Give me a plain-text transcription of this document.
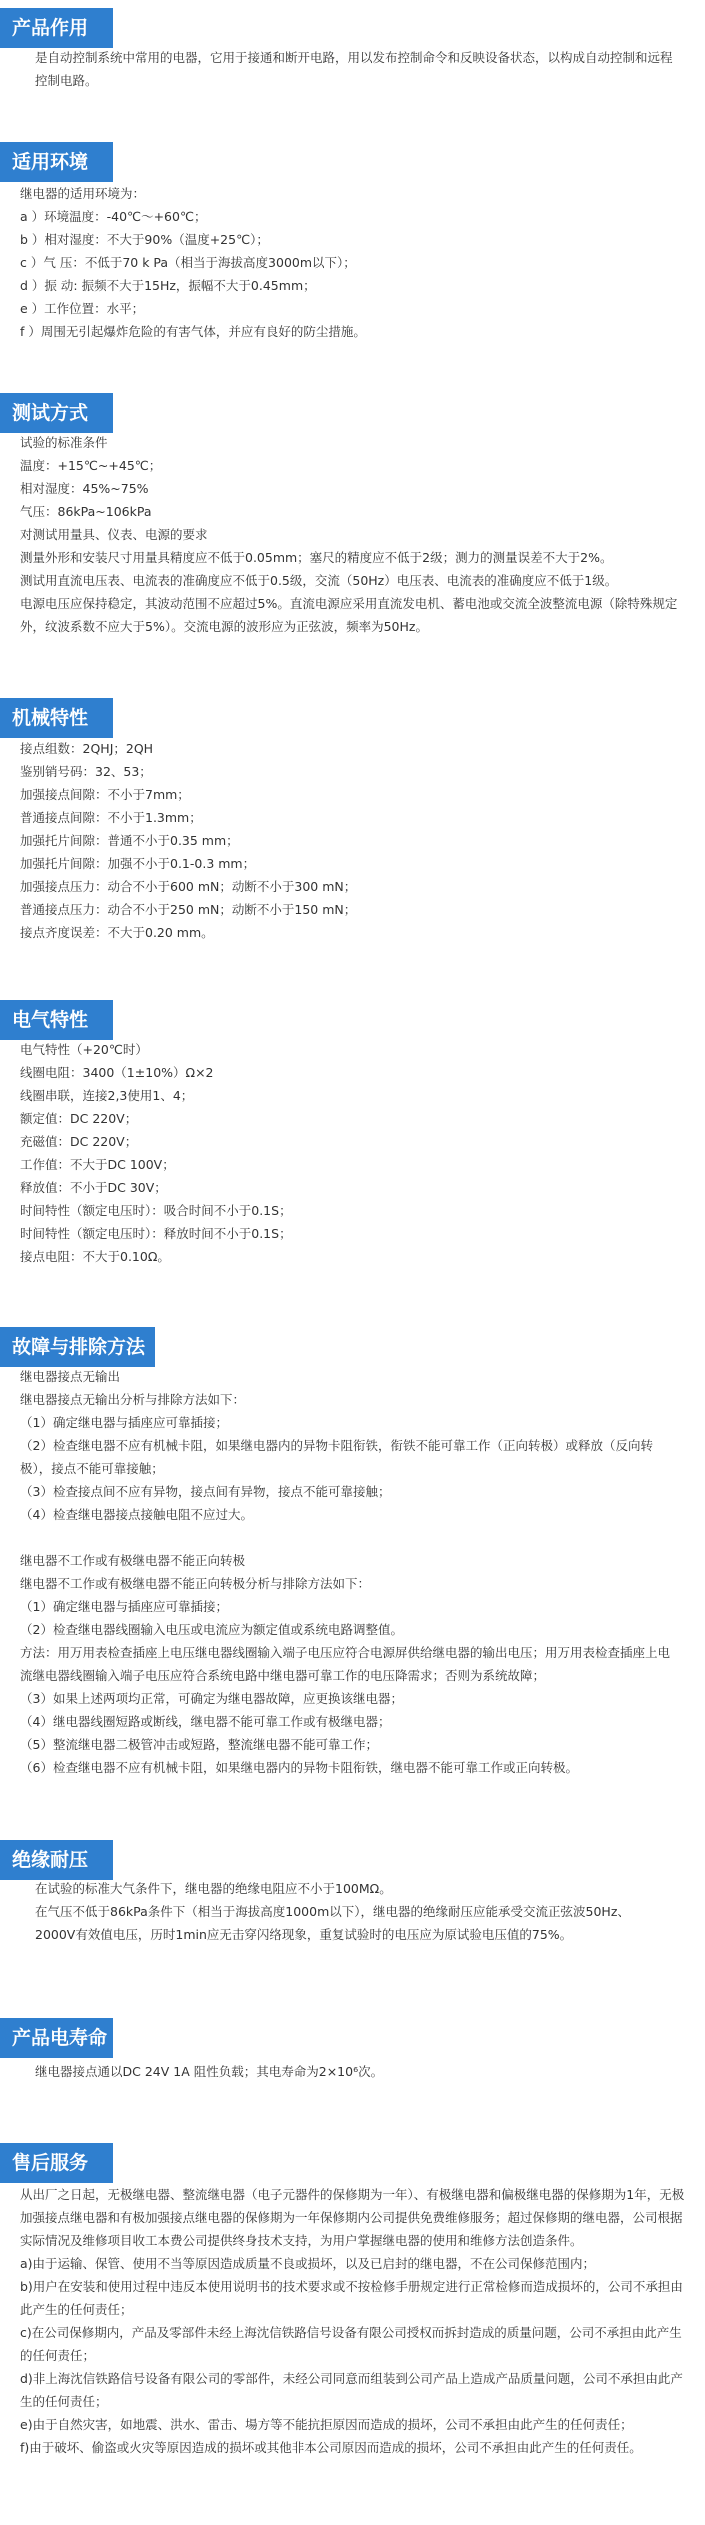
产品作用
是自动控制系统中常用的电器，它用于接通和断开电路，用以发布控制命令和反映设备状态，以构成自动控制和远程控制电路。
适用环境
继电器的适用环境为：
a ）环境温度：-40℃～+60℃；
b ）相对湿度：不大于90%（温度+25℃）；
c ）气 压：不低于70 k Pa（相当于海拔高度3000m以下）；
d ）振 动: 振频不大于15Hz，振幅不大于0.45mm；
e ）工作位置：水平；
f ）周围无引起爆炸危险的有害气体，并应有良好的防尘措施。
测试方式
试验的标准条件
温度：+15℃~+45℃；
相对湿度：45%~75%
气压：86kPa~106kPa
对测试用量具、仪表、电源的要求
测量外形和安装尺寸用量具精度应不低于0.05mm；塞尺的精度应不低于2级；测力的测量误差不大于2%。
测试用直流电压表、电流表的准确度应不低于0.5级，交流（50Hz）电压表、电流表的准确度应不低于1级。
电源电压应保持稳定，其波动范围不应超过5%。直流电源应采用直流发电机、蓄电池或交流全波整流电源（除特殊规定外，纹波系数不应大于5%）。交流电源的波形应为正弦波，频率为50Hz。
机械特性
接点组数：2QHJ；2QH
鉴别销号码：32、53；
加强接点间隙：不小于7mm；
普通接点间隙：不小于1.3mm；
加强托片间隙：普通不小于0.35 mm；
加强托片间隙：加强不小于0.1-0.3 mm；
加强接点压力：动合不小于600 mN；动断不小于300 mN；
普通接点压力：动合不小于250 mN；动断不小于150 mN；
接点齐度误差：不大于0.20 mm。
电气特性
电气特性（+20℃时）
线圈电阻：3400（1±10%）Ω×2
线圈串联，连接2,3使用1、4；
额定值：DC 220V；
充磁值：DC 220V；
工作值：不大于DC 100V；
释放值：不小于DC 30V；
时间特性（额定电压时）：吸合时间不小于0.1S；
时间特性（额定电压时）：释放时间不小于0.1S；
接点电阻：不大于0.10Ω。
故障与排除方法
继电器接点无输出
继电器接点无输出分析与排除方法如下：
（1）确定继电器与插座应可靠插接；
（2）检查继电器不应有机械卡阻，如果继电器内的异物卡阻衔铁，衔铁不能可靠工作（正向转极）或释放（反向转极），接点不能可靠接触；
（3）检查接点间不应有异物，接点间有异物，接点不能可靠接触；
（4）检查继电器接点接触电阻不应过大。
继电器不工作或有极继电器不能正向转极
继电器不工作或有极继电器不能正向转极分析与排除方法如下：
（1）确定继电器与插座应可靠插接；
（2）检查继电器线圈输入电压或电流应为额定值或系统电路调整值。
方法：用万用表检查插座上电压继电器线圈输入端子电压应符合电源屏供给继电器的输出电压；用万用表检查插座上电流继电器线圈输入端子电压应符合系统电路中继电器可靠工作的电压降需求；否则为系统故障；
（3）如果上述两项均正常，可确定为继电器故障，应更换该继电器；
（4）继电器线圈短路或断线，继电器不能可靠工作或有极继电器；
（5）整流继电器二极管冲击或短路，整流继电器不能可靠工作；
（6）检查继电器不应有机械卡阻，如果继电器内的异物卡阻衔铁，继电器不能可靠工作或正向转极。
绝缘耐压
在试验的标准大气条件下，继电器的绝缘电阻应不小于100MΩ。
在气压不低于86kPa条件下（相当于海拔高度1000m以下），继电器的绝缘耐压应能承受交流正弦波50Hz、2000V有效值电压，历时1min应无击穿闪络现象，重复试验时的电压应为原试验电压值的75%。
产品电寿命
继电器接点通以DC 24V 1A 阻性负载；其电寿命为2×10⁶次。
售后服务
从出厂之日起，无极继电器、整流继电器（电子元器件的保修期为一年）、有极继电器和偏极继电器的保修期为1年，无极加强接点继电器和有极加强接点继电器的保修期为一年保修期内公司提供免费维修服务；超过保修期的继电器，公司根据实际情况及维修项目收工本费公司提供终身技术支持，为用户掌握继电器的使用和维修方法创造条件。
a)由于运输、保管、使用不当等原因造成质量不良或损坏，以及已启封的继电器，不在公司保修范围内；
b)用户在安装和使用过程中违反本使用说明书的技术要求或不按检修手册规定进行正常检修而造成损坏的，公司不承担由此产生的任何责任；
c)在公司保修期内，产品及零部件未经上海沈信铁路信号设备有限公司授权而拆封造成的质量问题，公司不承担由此产生的任何责任；
d)非上海沈信铁路信号设备有限公司的零部件，未经公司同意而组装到公司产品上造成产品质量问题，公司不承担由此产生的任何责任；
e)由于自然灾害，如地震、洪水、雷击、場方等不能抗拒原因而造成的损坏，公司不承担由此产生的任何责任；
f)由于破坏、偷盗或火灾等原因造成的损坏或其他非本公司原因而造成的损坏，公司不承担由此产生的任何责任。
